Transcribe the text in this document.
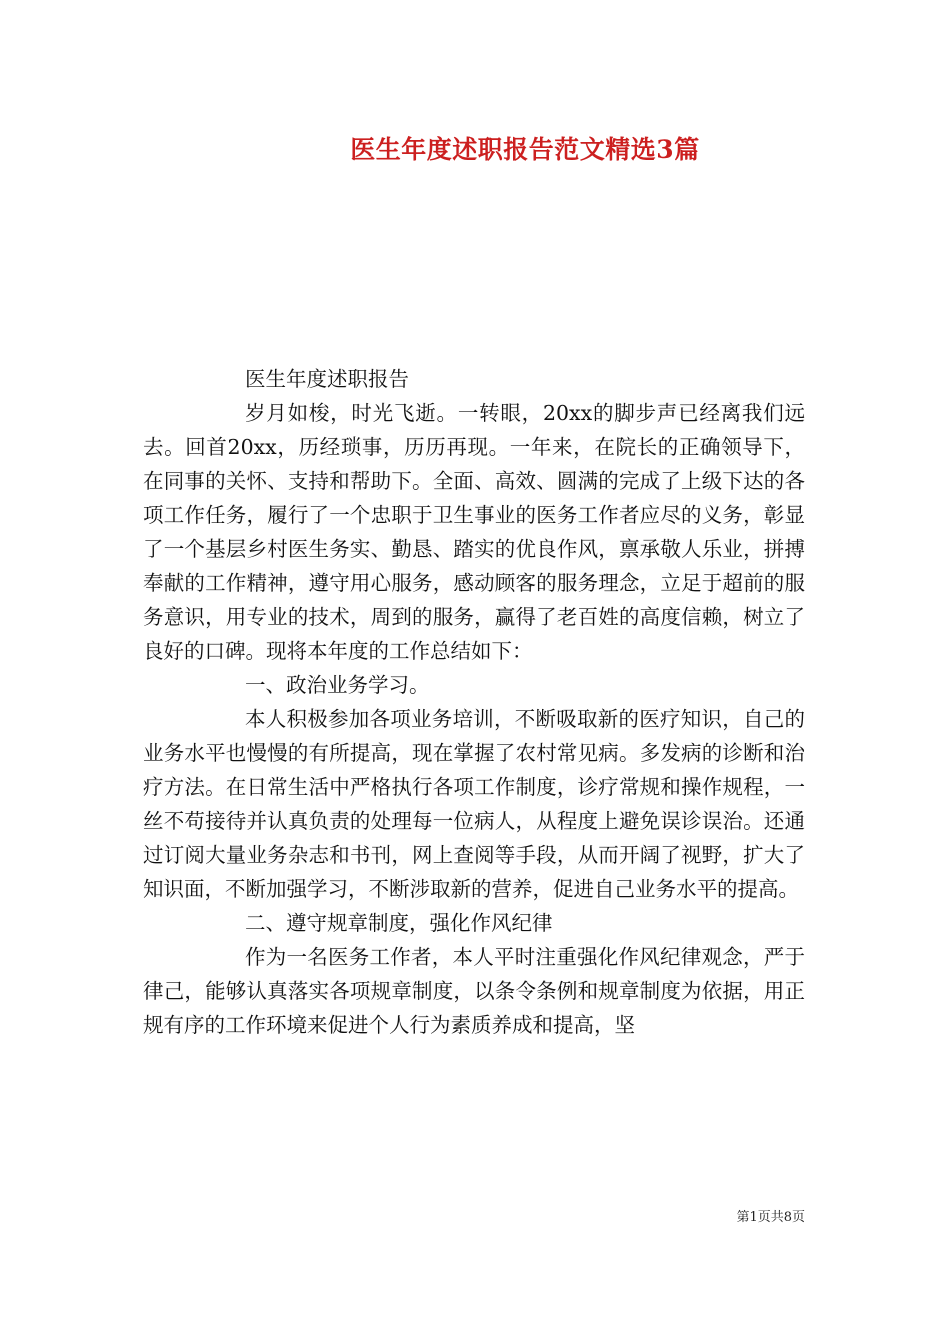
医生年度述职报告范文精选3篇

医生年度述职报告

岁月如梭，时光飞逝。一转眼，20xx的脚步声已经离我们远去。回首20xx，历经琐事，历历再现。一年来，在院长的正确领导下，在同事的关怀、支持和帮助下。全面、高效、圆满的完成了上级下达的各项工作任务，履行了一个忠职于卫生事业的医务工作者应尽的义务，彰显了一个基层乡村医生务实、勤恳、踏实的优良作风，禀承敬人乐业，拼搏奉献的工作精神，遵守用心服务，感动顾客的服务理念，立足于超前的服务意识，用专业的技术，周到的服务，赢得了老百姓的高度信赖，树立了良好的口碑。现将本年度的工作总结如下：

一、政治业务学习。

本人积极参加各项业务培训，不断吸取新的医疗知识，自己的业务水平也慢慢的有所提高，现在掌握了农村常见病。多发病的诊断和治疗方法。在日常生活中严格执行各项工作制度，诊疗常规和操作规程，一丝不苟接待并认真负责的处理每一位病人，从程度上避免误诊误治。还通过订阅大量业务杂志和书刊，网上查阅等手段，从而开阔了视野，扩大了知识面，不断加强学习，不断涉取新的营养，促进自己业务水平的提高。

二、遵守规章制度，强化作风纪律

作为一名医务工作者，本人平时注重强化作风纪律观念，严于律己，能够认真落实各项规章制度，以条令条例和规章制度为依据，用正规有序的工作环境来促进个人行为素质养成和提高，坚

第1页共8页
